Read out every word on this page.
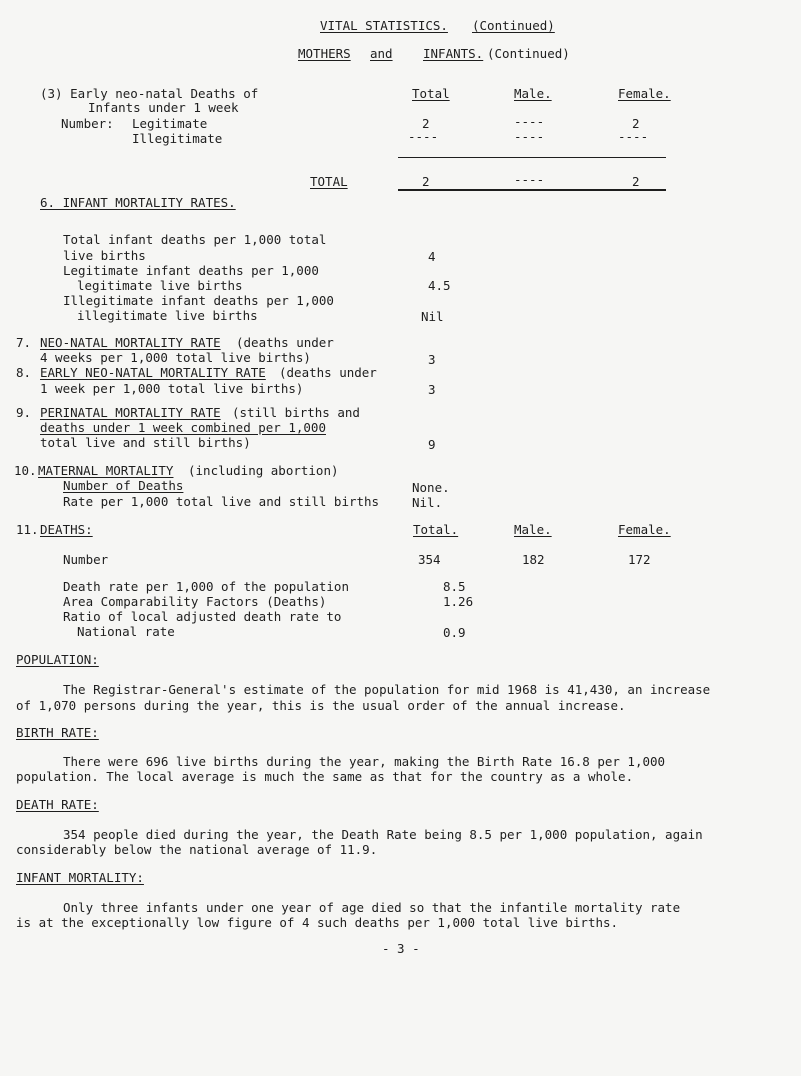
VITAL STATISTICS. (Continued)
MOTHERS and INFANTS. (Continued)
(3) Early neo-natal Deaths of
Infants under 1 week
Total	Male.	Female.
Number: Legitimate	2	----	2
Illegitimate	----	----	----
TOTAL	2	----	2
6. INFANT MORTALITY RATES.
Total infant deaths per 1,000 total
live births	4
Legitimate infant deaths per 1,000
legitimate live births	4.5
Illegitimate infant deaths per 1,000
illegitimate live births	Nil
7. NEO-NATAL MORTALITY RATE (deaths under
4 weeks per 1,000 total live births)	3
8. EARLY NEO-NATAL MORTALITY RATE (deaths under
1 week per 1,000 total live births)	3
9. PERINATAL MORTALITY RATE (still births and
deaths under 1 week combined per 1,000
total live and still births)	9
10. MATERNAL MORTALITY (including abortion)
Number of Deaths	None.
Rate per 1,000 total live and still births	Nil.
11. DEATHS:	Total.	Male.	Female.
Number	354	182	172
Death rate per 1,000 of the population	8.5
Area Comparability Factors (Deaths)	1.26
Ratio of local adjusted death rate to
National rate	0.9
POPULATION:
The Registrar-General's estimate of the population for mid 1968 is 41,430, an increase
of 1,070 persons during the year, this is the usual order of the annual increase.
BIRTH RATE:
There were 696 live births during the year, making the Birth Rate 16.8 per 1,000
population. The local average is much the same as that for the country as a whole.
DEATH RATE:
354 people died during the year, the Death Rate being 8.5 per 1,000 population, again
considerably below the national average of 11.9.
INFANT MORTALITY:
Only three infants under one year of age died so that the infantile mortality rate
is at the exceptionally low figure of 4 such deaths per 1,000 total live births.
- 3 -
